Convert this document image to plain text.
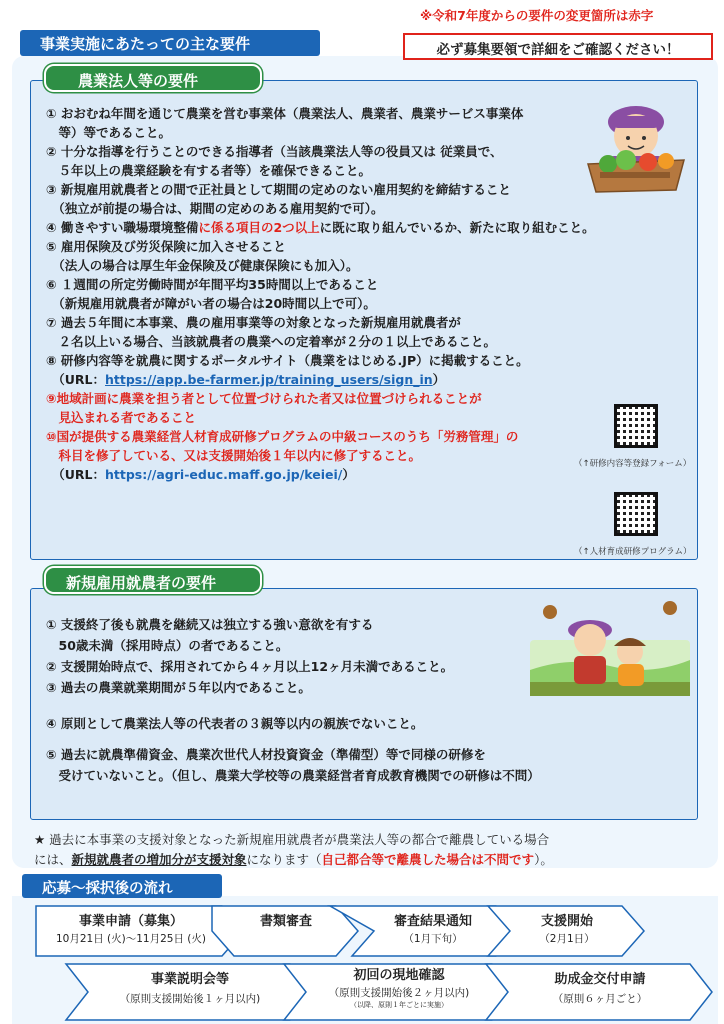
※令和7年度からの要件の変更箇所は赤字
事業実施にあたっての主な要件	必ず募集要領で詳細をご確認ください！
農業法人等の要件
① おおむね年間を通じて農業を営む事業体（農業法人、農業者、農業サービス事業体
　等）等であること。
② 十分な指導を行うことのできる指導者（当該農業法人等の役員又は 従業員で、
　５年以上の農業経験を有する者等）を確保できること。
③ 新規雇用就農者との間で正社員として期間の定めのない雇用契約を締結すること
　（独立が前提の場合は、期間の定めのある雇用契約で可）。
④ 働きやすい職場環境整備に係る項目の2つ以上に既に取り組んでいるか、新たに取り組むこと。
⑤ 雇用保険及び労災保険に加入させること
　（法人の場合は厚生年金保険及び健康保険にも加入）。
⑥ １週間の所定労働時間が年間平均35時間以上であること
　（新規雇用就農者が障がい者の場合は20時間以上で可）。
⑦ 過去５年間に本事業、農の雇用事業等の対象となった新規雇用就農者が
　２名以上いる場合、当該就農者の農業への定着率が２分の１以上であること。
⑧ 研修内容等を就農に関するポータルサイト（農業をはじめる.JP）に掲載すること。
　（URL：https://app.be-farmer.jp/training_users/sign_in）
⑨地域計画に農業を担う者として位置づけられた者又は位置づけられることが
　見込まれる者であること
⑩国が提供する農業経営人材育成研修プログラムの中級コースのうち「労務管理」の
　科目を修了している、又は支援開始後１年以内に修了すること。
　（URL：https://agri-educ.maff.go.jp/keiei/）
（↑研修内容等登録フォーム）
（↑人材育成研修プログラム）
新規雇用就農者の要件
① 支援終了後も就農を継続又は独立する強い意欲を有する
　50歳未満（採用時点）の者であること。
② 支援開始時点で、採用されてから４ヶ月以上12ヶ月未満であること。
③ 過去の農業就業期間が５年以内であること。
④ 原則として農業法人等の代表者の３親等以内の親族でないこと。
⑤ 過去に就農準備資金、農業次世代人材投資資金（準備型）等で同様の研修を
　受けていないこと。（但し、農業大学校等の農業経営者育成教育機関での研修は不問）
★ 過去に本事業の支援対象となった新規雇用就農者が農業法人等の都合で離農している場合
には、新規就農者の増加分が支援対象になります（自己都合等で離農した場合は不問です）。
応募～採択後の流れ
事業申請（募集）
10月21日 (火)～11月25日 (火)
書類審査	審査結果通知
（1月下旬）
支援開始
（2月1日）
事業説明会等
（原則支援開始後１ヶ月以内)
初回の現地確認
（原則支援開始後２ヶ月以内)
（以降、原則１年ごとに実施）
助成金交付申請
（原則６ヶ月ごと）
